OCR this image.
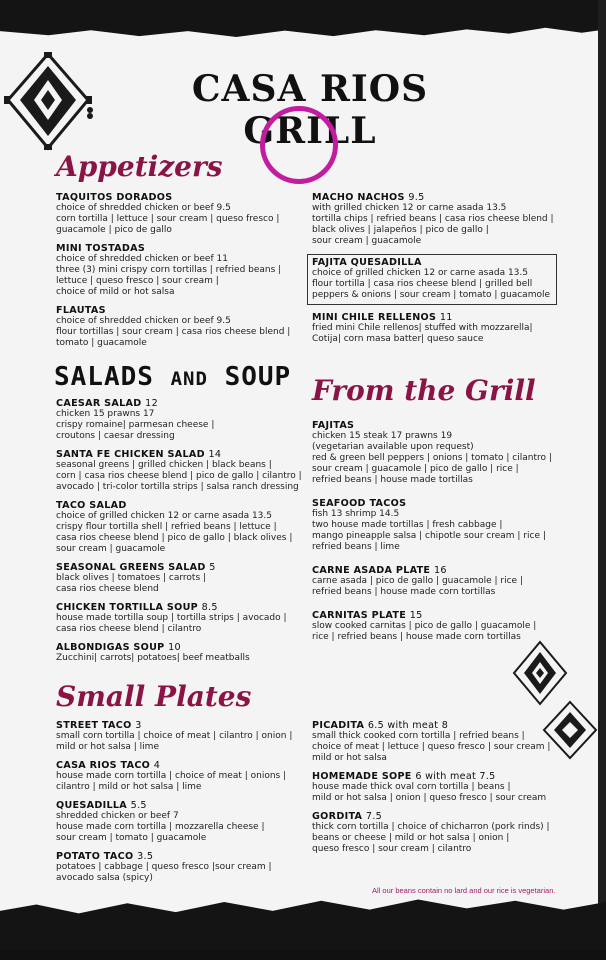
CASA RIOS
GRILL
Appetizers
TAQUITOS DORADOS
choice of shredded chicken or beef 9.5
corn tortilla | lettuce | sour cream | queso fresco |
guacamole | pico de gallo
MINI TOSTADAS
choice of shredded chicken or beef 11
three (3) mini crispy corn tortillas | refried beans |
lettuce | queso fresco | sour cream |
choice of mild or hot salsa
FLAUTAS
choice of shredded chicken or beef 9.5
flour tortillas | sour cream | casa rios cheese blend |
tomato | guacamole
MACHO NACHOS 9.5
with grilled chicken 12 or carne asada 13.5
tortilla chips | refried beans | casa rios cheese blend |
black olives | jalapeños | pico de gallo |
sour cream | guacamole
FAJITA QUESADILLA
choice of grilled chicken 12 or carne asada 13.5
flour tortilla | casa rios cheese blend | grilled bell
peppers & onions | sour cream | tomato | guacamole
MINI CHILE RELLENOS 11
fried mini Chile rellenos| stuffed with mozzarella|
Cotija| corn masa batter| queso sauce
SALADS AND SOUP
CAESAR SALAD 12
chicken 15 prawns 17
crispy romaine| parmesan cheese |
croutons | caesar dressing
SANTA FE CHICKEN SALAD 14
seasonal greens | grilled chicken | black beans |
corn | casa rios cheese blend | pico de gallo | cilantro |
avocado | tri-color tortilla strips | salsa ranch dressing
TACO SALAD
choice of grilled chicken 12 or carne asada 13.5
crispy flour tortilla shell | refried beans | lettuce |
casa rios cheese blend | pico de gallo | black olives |
sour cream | guacamole
SEASONAL GREENS SALAD 5
black olives | tomatoes | carrots |
casa rios cheese blend
CHICKEN TORTILLA SOUP 8.5
house made tortilla soup | tortilla strips | avocado |
casa rios cheese blend | cilantro
ALBONDIGAS SOUP 10
Zucchini| carrots| potatoes| beef meatballs
From the Grill
FAJITAS
chicken 15 steak 17 prawns 19
(vegetarian available upon request)
red & green bell peppers | onions | tomato | cilantro |
sour cream | guacamole | pico de gallo | rice |
refried beans | house made tortillas
SEAFOOD TACOS
fish 13 shrimp 14.5
two house made tortillas | fresh cabbage |
mango pineapple salsa | chipotle sour cream | rice |
refried beans | lime
CARNE ASADA PLATE 16
carne asada | pico de gallo | guacamole | rice |
refried beans | house made corn tortillas
CARNITAS PLATE 15
slow cooked carnitas | pico de gallo | guacamole |
rice | refried beans | house made corn tortillas
Small Plates
STREET TACO 3
small corn tortilla | choice of meat | cilantro | onion |
mild or hot salsa | lime
CASA RIOS TACO 4
house made corn tortilla | choice of meat | onions |
cilantro | mild or hot salsa | lime
QUESADILLA 5.5
shredded chicken or beef 7
house made corn tortilla | mozzarella cheese |
sour cream | tomato | guacamole
POTATO TACO 3.5
potatoes | cabbage | queso fresco |sour cream |
avocado salsa (spicy)
PICADITA 6.5 with meat 8
small thick cooked corn tortilla | refried beans |
choice of meat | lettuce | queso fresco | sour cream |
mild or hot salsa
HOMEMADE SOPE 6 with meat 7.5
house made thick oval corn tortilla | beans |
mild or hot salsa | onion | queso fresco | sour cream
GORDITA 7.5
thick corn tortilla | choice of chicharron (pork rinds) |
beans or cheese | mild or hot salsa | onion |
queso fresco | sour cream | cilantro
All our beans contain no lard and our rice is vegetarian.
